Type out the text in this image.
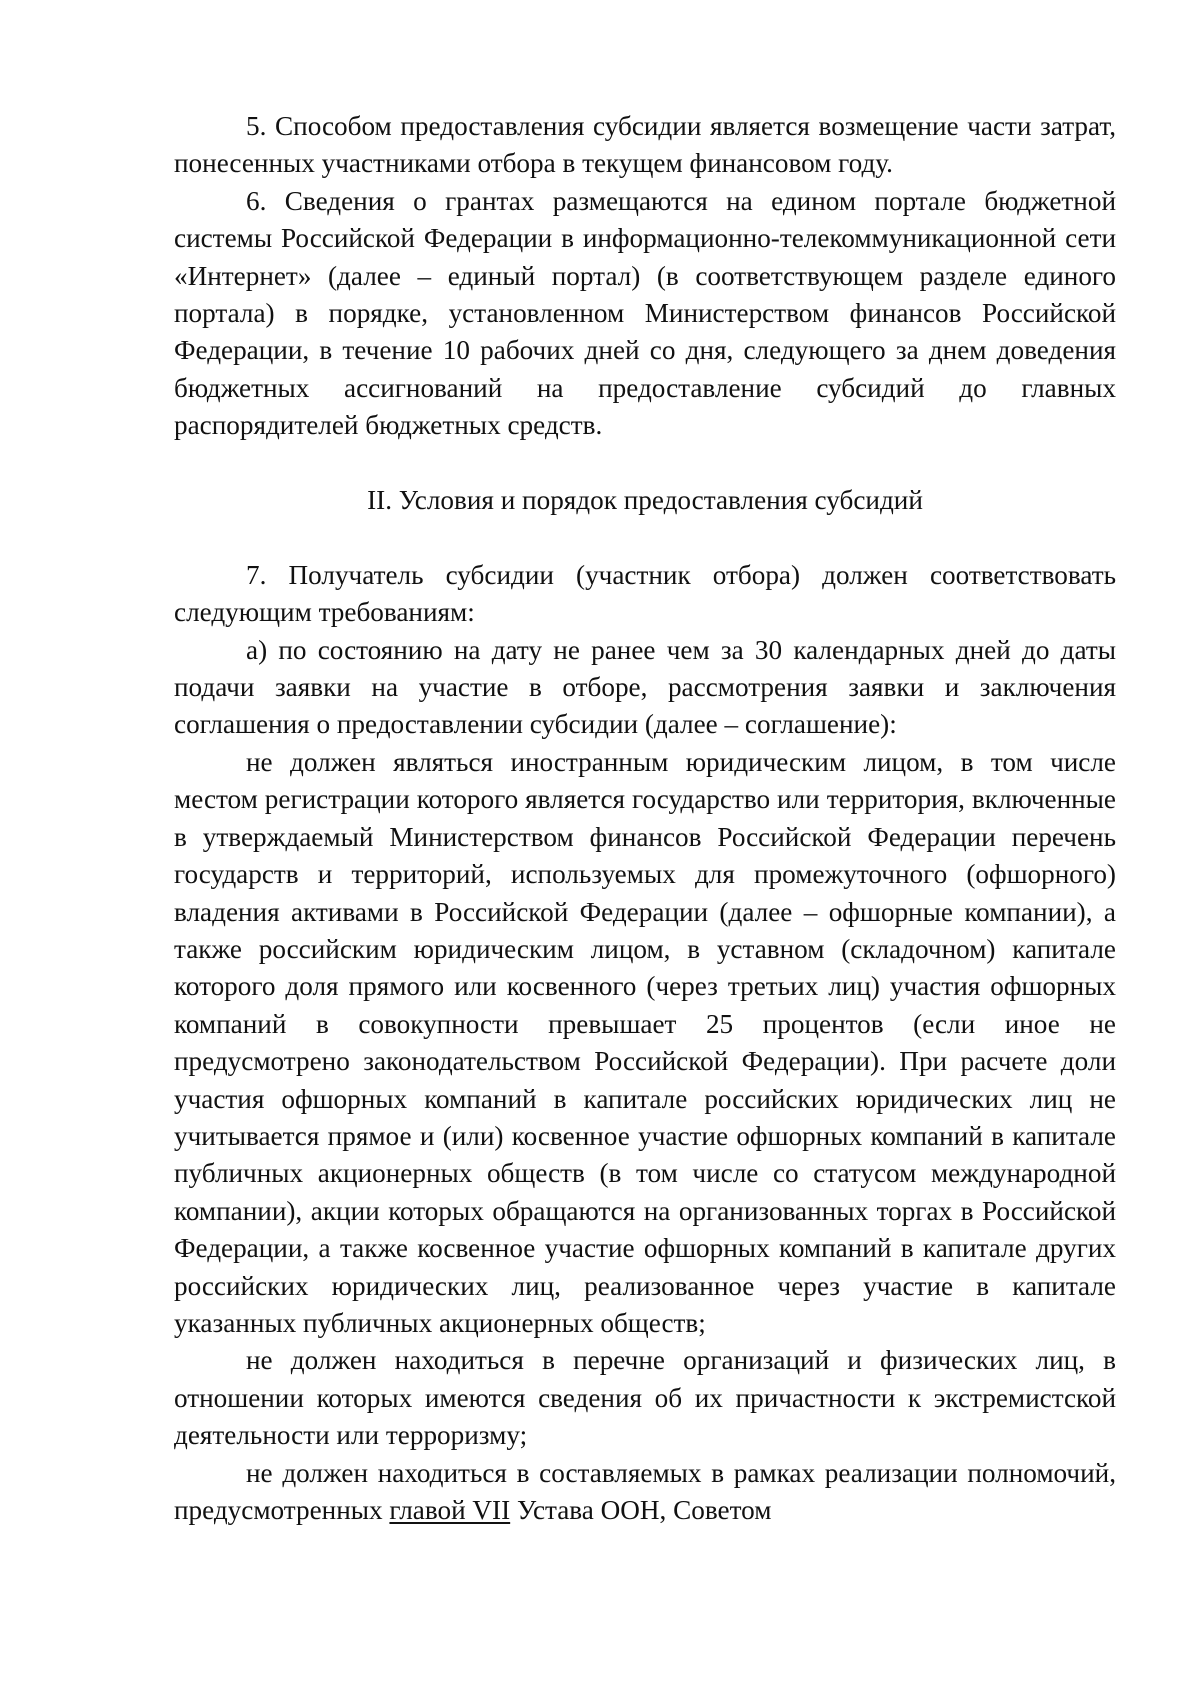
5. Способом предоставления субсидии является возмещение части затрат, понесенных участниками отбора в текущем финансовом году.

6. Сведения о грантах размещаются на едином портале бюджетной системы Российской Федерации в информационно-телекоммуникационной сети «Интернет» (далее – единый портал) (в соответствующем разделе единого портала) в порядке, установленном Министерством финансов Российской Федерации, в течение 10 рабочих дней со дня, следующего за днем доведения бюджетных ассигнований на предоставление субсидий до главных распорядителей бюджетных средств.

II. Условия и порядок предоставления субсидий

7. Получатель субсидии (участник отбора) должен соответствовать следующим требованиям:

а) по состоянию на дату не ранее чем за 30 календарных дней до даты подачи заявки на участие в отборе, рассмотрения заявки и заключения соглашения о предоставлении субсидии (далее – соглашение):

не должен являться иностранным юридическим лицом, в том числе местом регистрации которого является государство или территория, включенные в утверждаемый Министерством финансов Российской Федерации перечень государств и территорий, используемых для промежуточного (офшорного) владения активами в Российской Федерации (далее – офшорные компании), а также российским юридическим лицом, в уставном (складочном) капитале которого доля прямого или косвенного (через третьих лиц) участия офшорных компаний в совокупности превышает 25 процентов (если иное не предусмотрено законодательством Российской Федерации). При расчете доли участия офшорных компаний в капитале российских юридических лиц не учитывается прямое и (или) косвенное участие офшорных компаний в капитале публичных акционерных обществ (в том числе со статусом международной компании), акции которых обращаются на организованных торгах в Российской Федерации, а также косвенное участие офшорных компаний в капитале других российских юридических лиц, реализованное через участие в капитале указанных публичных акционерных обществ;

не должен находиться в перечне организаций и физических лиц, в отношении которых имеются сведения об их причастности к экстремистской деятельности или терроризму;

не должен находиться в составляемых в рамках реализации полномочий, предусмотренных главой VII Устава ООН, Советом
